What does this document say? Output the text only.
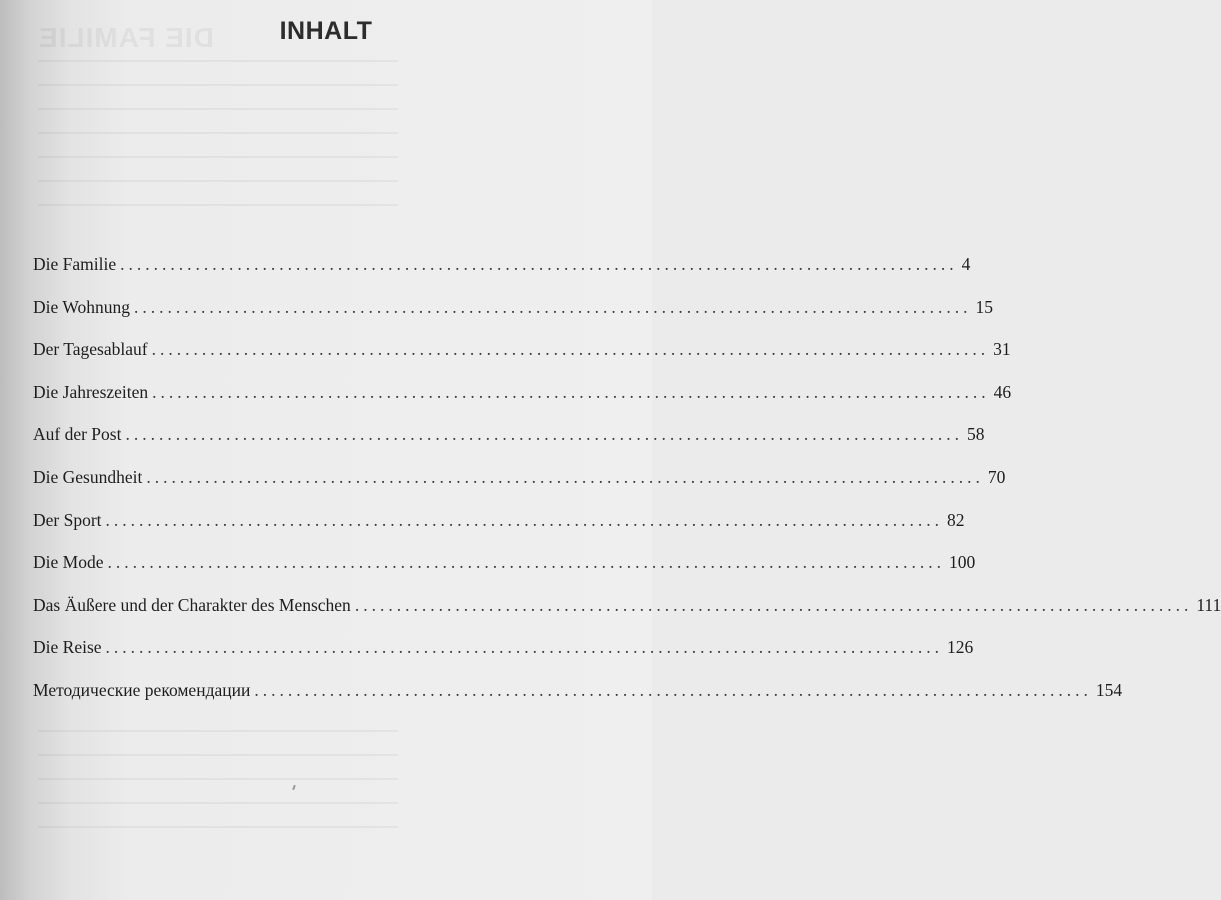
DIE FAMILIE	INHALT
Die Familie .................................................................................................... 4
Die Wohnung .................................................................................................... 15
Der Tagesablauf .................................................................................................... 31
Die Jahreszeiten .................................................................................................... 46
Auf der Post .................................................................................................... 58
Die Gesundheit .................................................................................................... 70
Der Sport .................................................................................................... 82
Die Mode .................................................................................................... 100
Das Äußere und der Charakter des Menschen .................................................................................................... 111
Die Reise .................................................................................................... 126
Методические рекомендации .................................................................................................... 154
